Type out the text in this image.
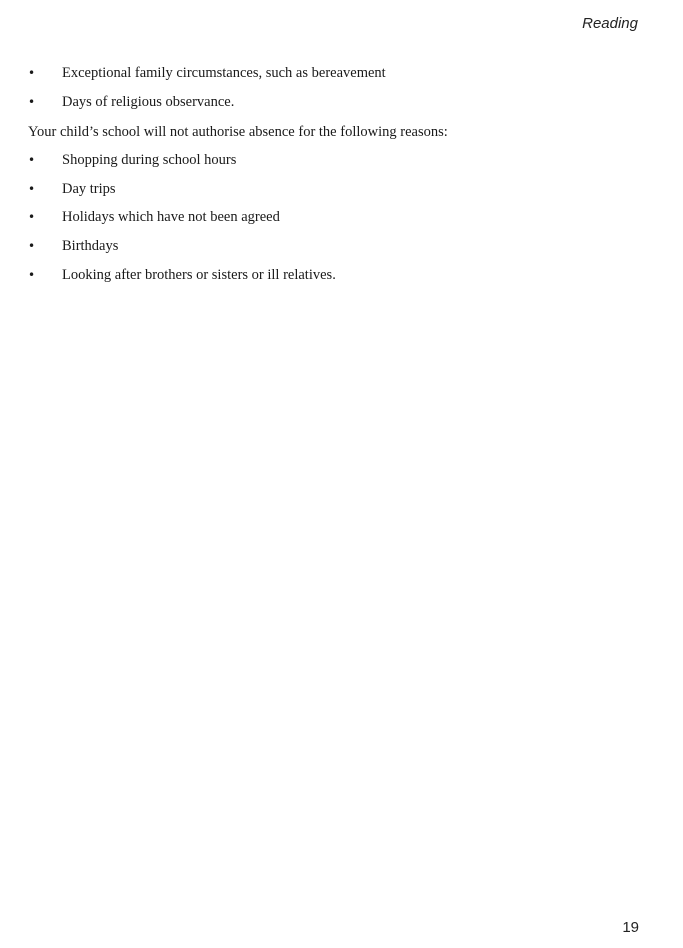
Reading
• Exceptional family circumstances, such as bereavement
• Days of religious observance.

Your child’s school will not authorise absence for the following reasons:

• Shopping during school hours
• Day trips
• Holidays which have not been agreed
• Birthdays
• Looking after brothers or sisters or ill relatives.
19
